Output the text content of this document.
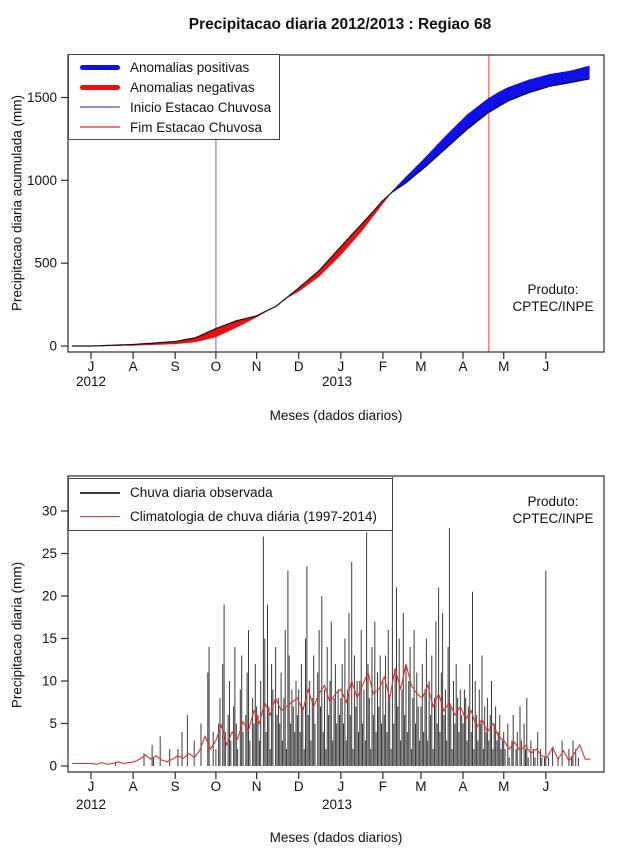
Precipitacao diaria 2012/2013 : Regiao 68
J
J
A
A
S
S
O
O
N
N
D
D
J
J
F
F
M
M
A
A
M
M
J
J
0
500
1000
1500
0
5
10
15
20
25
30
Anomalias positivas
Anomalias negativas
Inicio Estacao Chuvosa
Fim Estacao Chuvosa
Chuva diaria observada
Climatologia de chuva diária (1997-2014)
Produto:
CPTEC/INPE
Produto:
CPTEC/INPE
Precipitacao diaria acumulada (mm)
Precipitacao diaria (mm)
2012	2013
2012	2013
Meses (dados diarios)
Meses (dados diarios)
